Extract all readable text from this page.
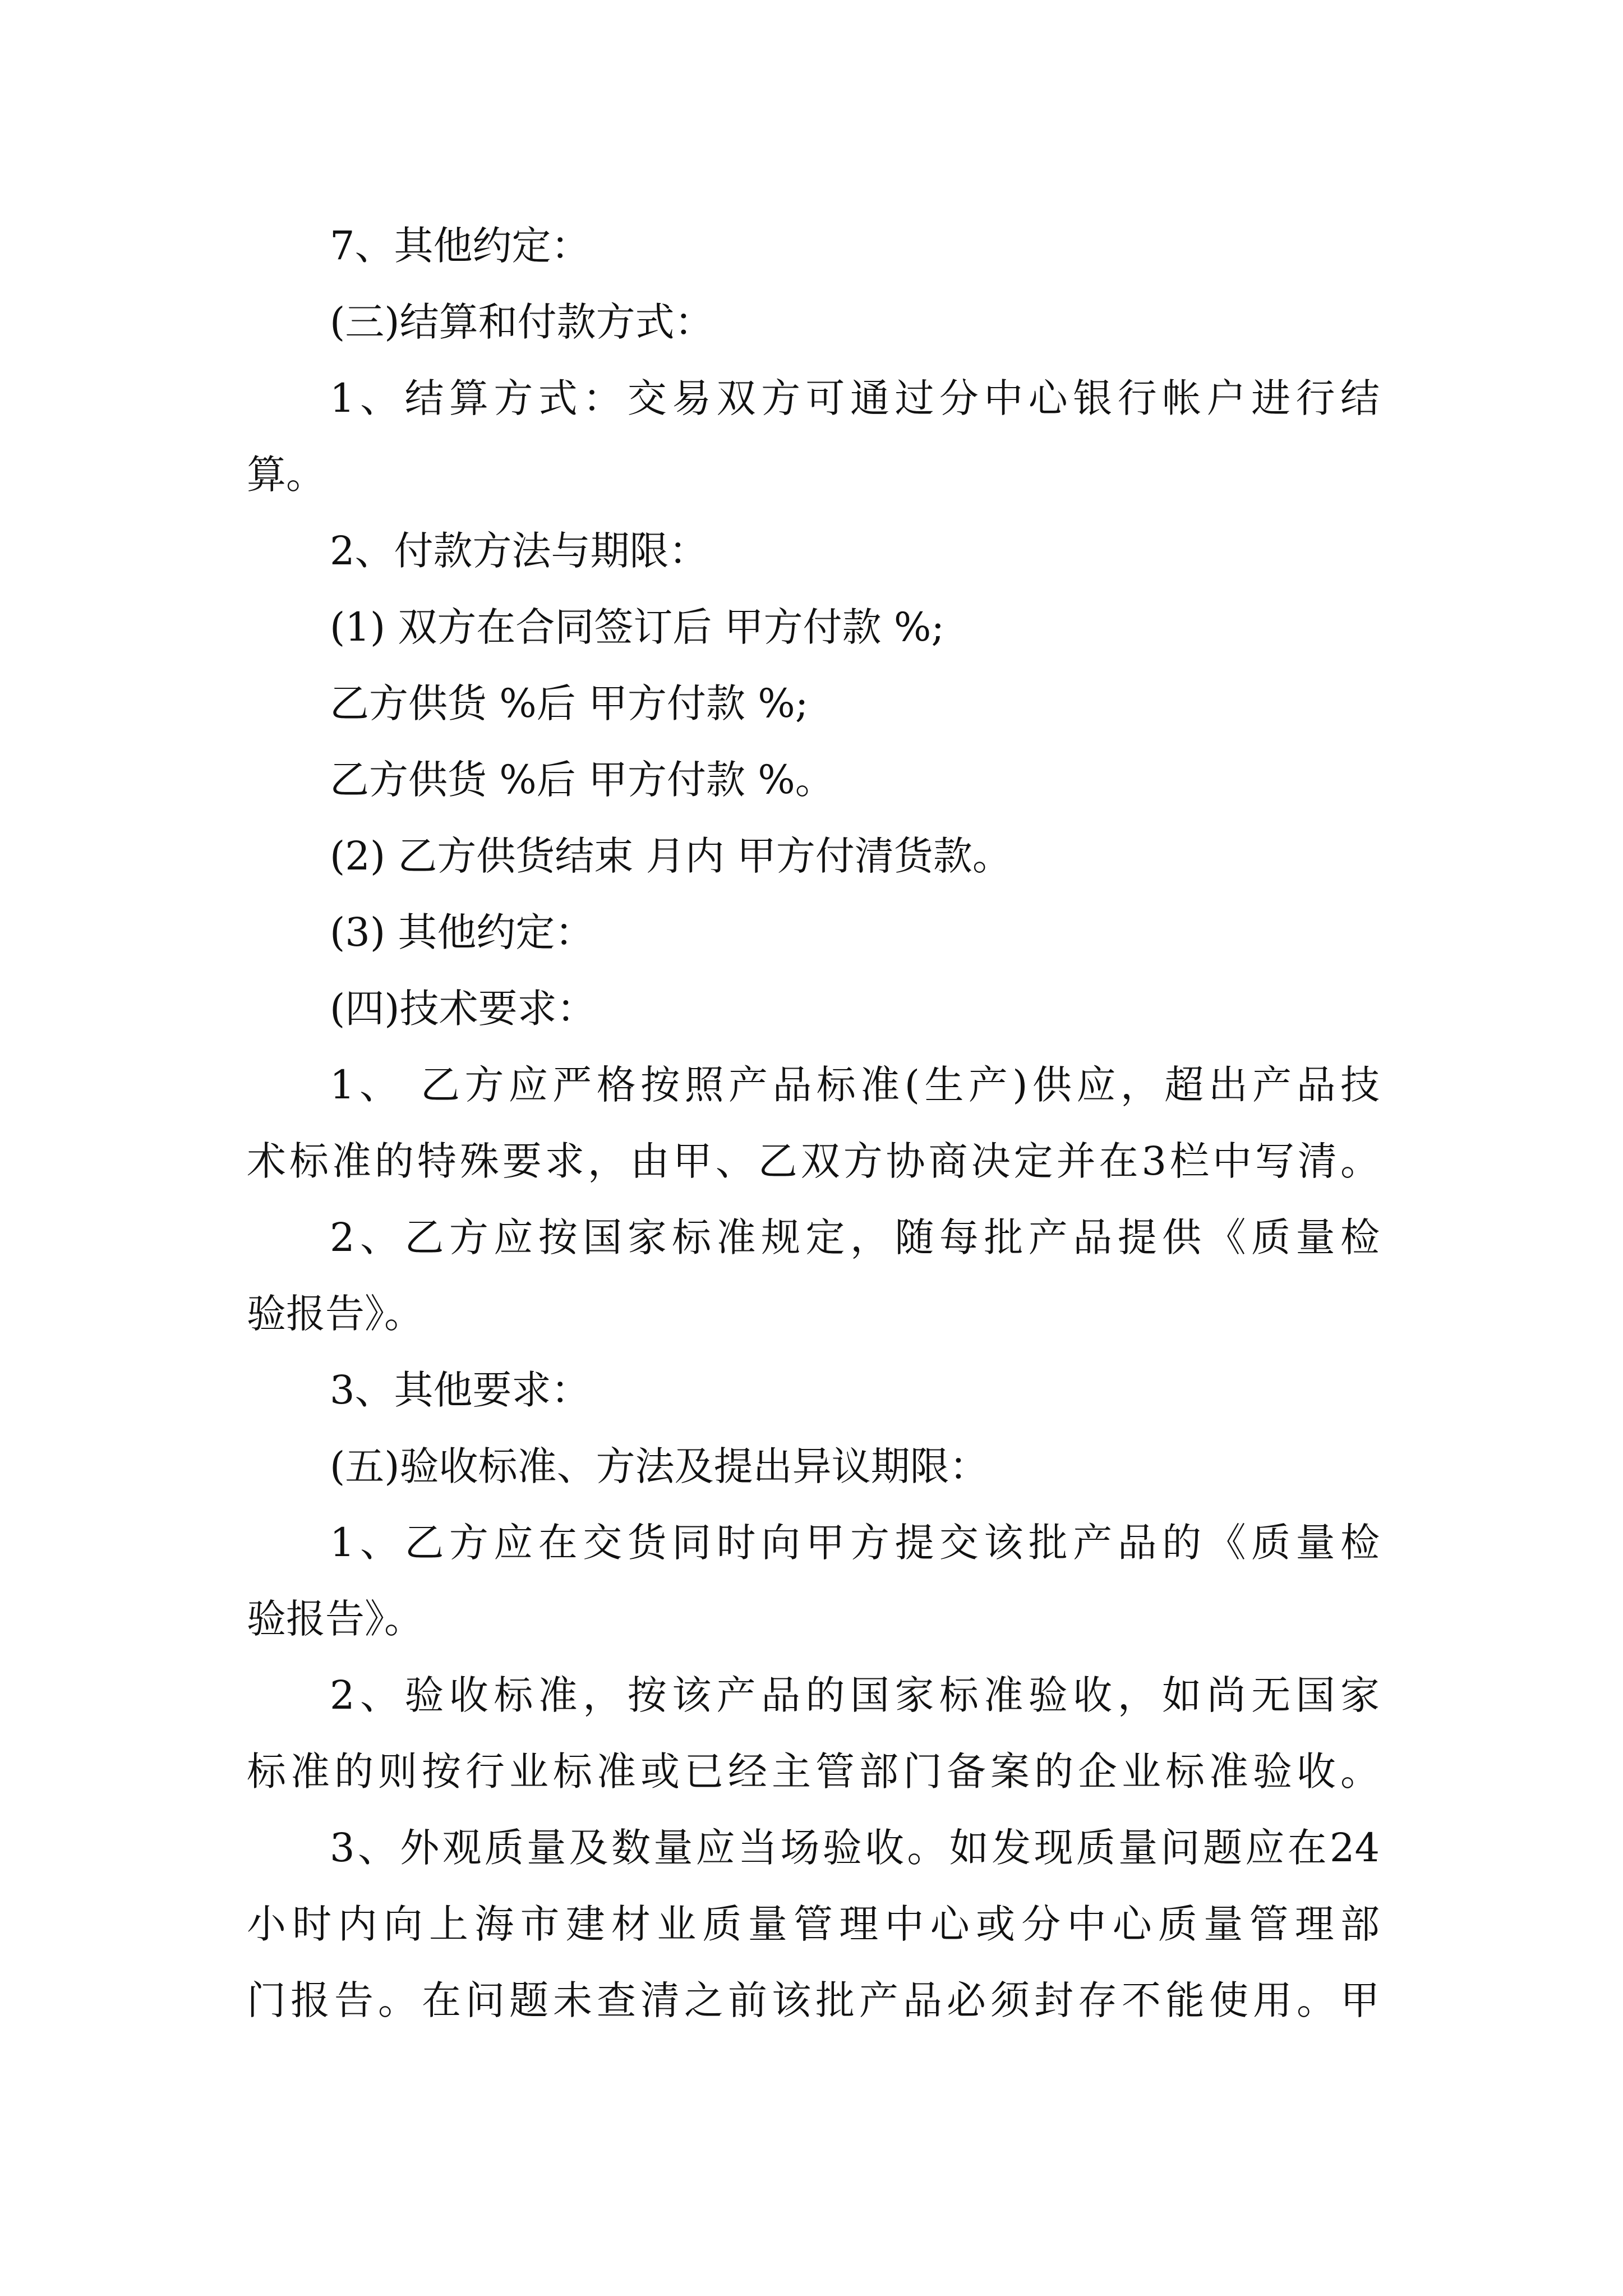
7、其他约定：
(三)结算和付款方式：
1、结算方式：交易双方可通过分中心银行帐户进行结
算。
2、付款方法与期限：
(1) 双方在合同签订后 甲方付款 %;
乙方供货 %后 甲方付款 %;
乙方供货 %后 甲方付款 %。
(2) 乙方供货结束 月内 甲方付清货款。
(3) 其他约定：
(四)技术要求：
1、 乙方应严格按照产品标准(生产)供应，超出产品技
术标准的特殊要求，由甲、乙双方协商决定并在3栏中写清。
2、乙方应按国家标准规定，随每批产品提供《质量检
验报告》。
3、其他要求：
(五)验收标准、方法及提出异议期限：
1、乙方应在交货同时向甲方提交该批产品的《质量检
验报告》。
2、验收标准，按该产品的国家标准验收，如尚无国家
标准的则按行业标准或已经主管部门备案的企业标准验收。
3、外观质量及数量应当场验收。如发现质量问题应在24
小时内向上海市建材业质量管理中心或分中心质量管理部
门报告。在问题未查清之前该批产品必须封存不能使用。甲
